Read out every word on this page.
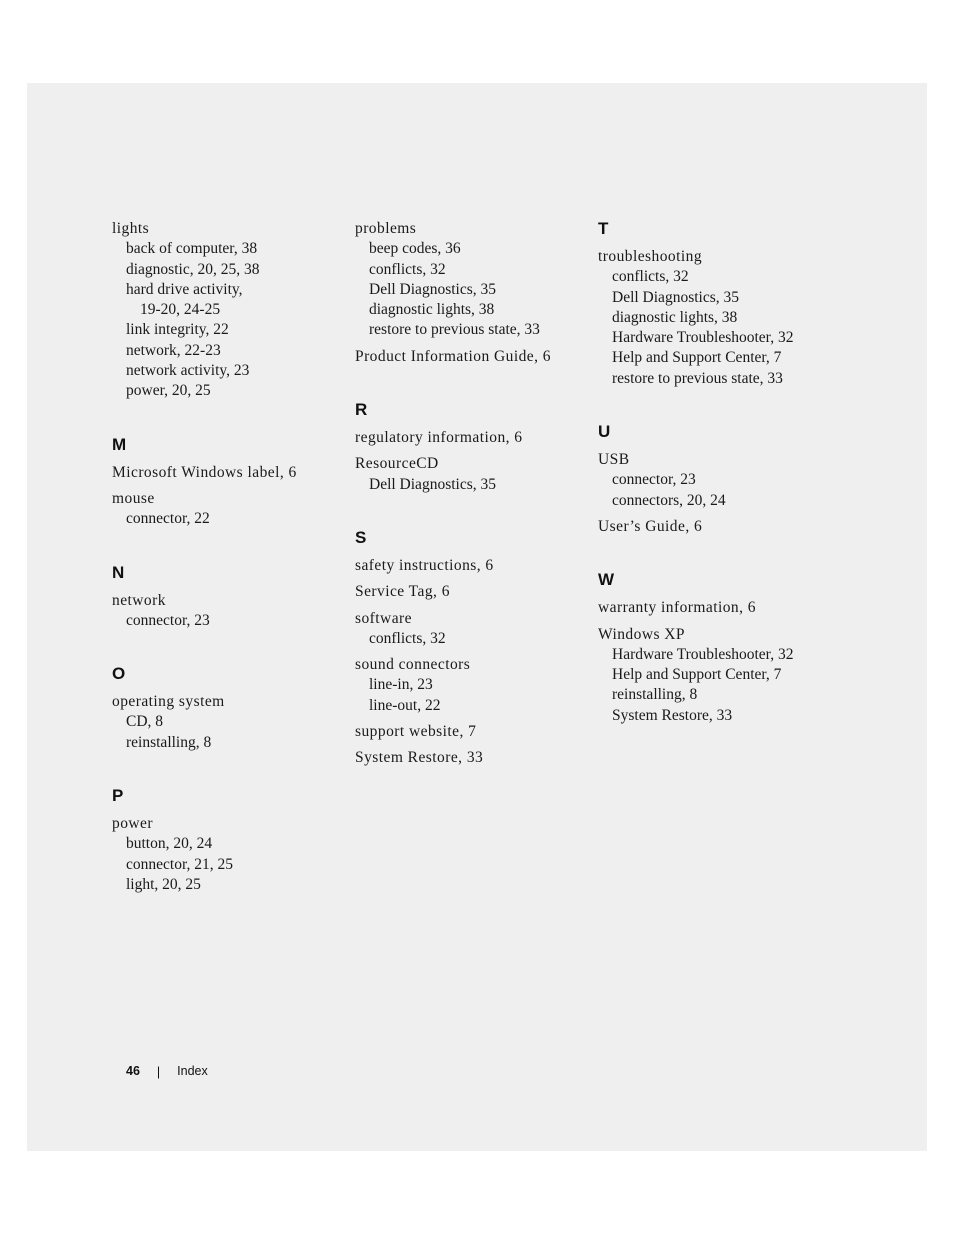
lights
back of computer, 38
diagnostic, 20, 25, 38
hard drive activity,
19-20, 24-25
link integrity, 22
network, 22-23
network activity, 23
power, 20, 25
M
Microsoft Windows label, 6
mouse
connector, 22
N
network
connector, 23
O
operating system
CD, 8
reinstalling, 8
P
power
button, 20, 24
connector, 21, 25
light, 20, 25
problems
beep codes, 36
conflicts, 32
Dell Diagnostics, 35
diagnostic lights, 38
restore to previous state, 33
Product Information Guide, 6
R
regulatory information, 6
ResourceCD
Dell Diagnostics, 35
S
safety instructions, 6
Service Tag, 6
software
conflicts, 32
sound connectors
line-in, 23
line-out, 22
support website, 7
System Restore, 33
T
troubleshooting
conflicts, 32
Dell Diagnostics, 35
diagnostic lights, 38
Hardware Troubleshooter, 32
Help and Support Center, 7
restore to previous state, 33
U
USB
connector, 23
connectors, 20, 24
User’s Guide, 6
W
warranty information, 6
Windows XP
Hardware Troubleshooter, 32
Help and Support Center, 7
reinstalling, 8
System Restore, 33
46 | Index
